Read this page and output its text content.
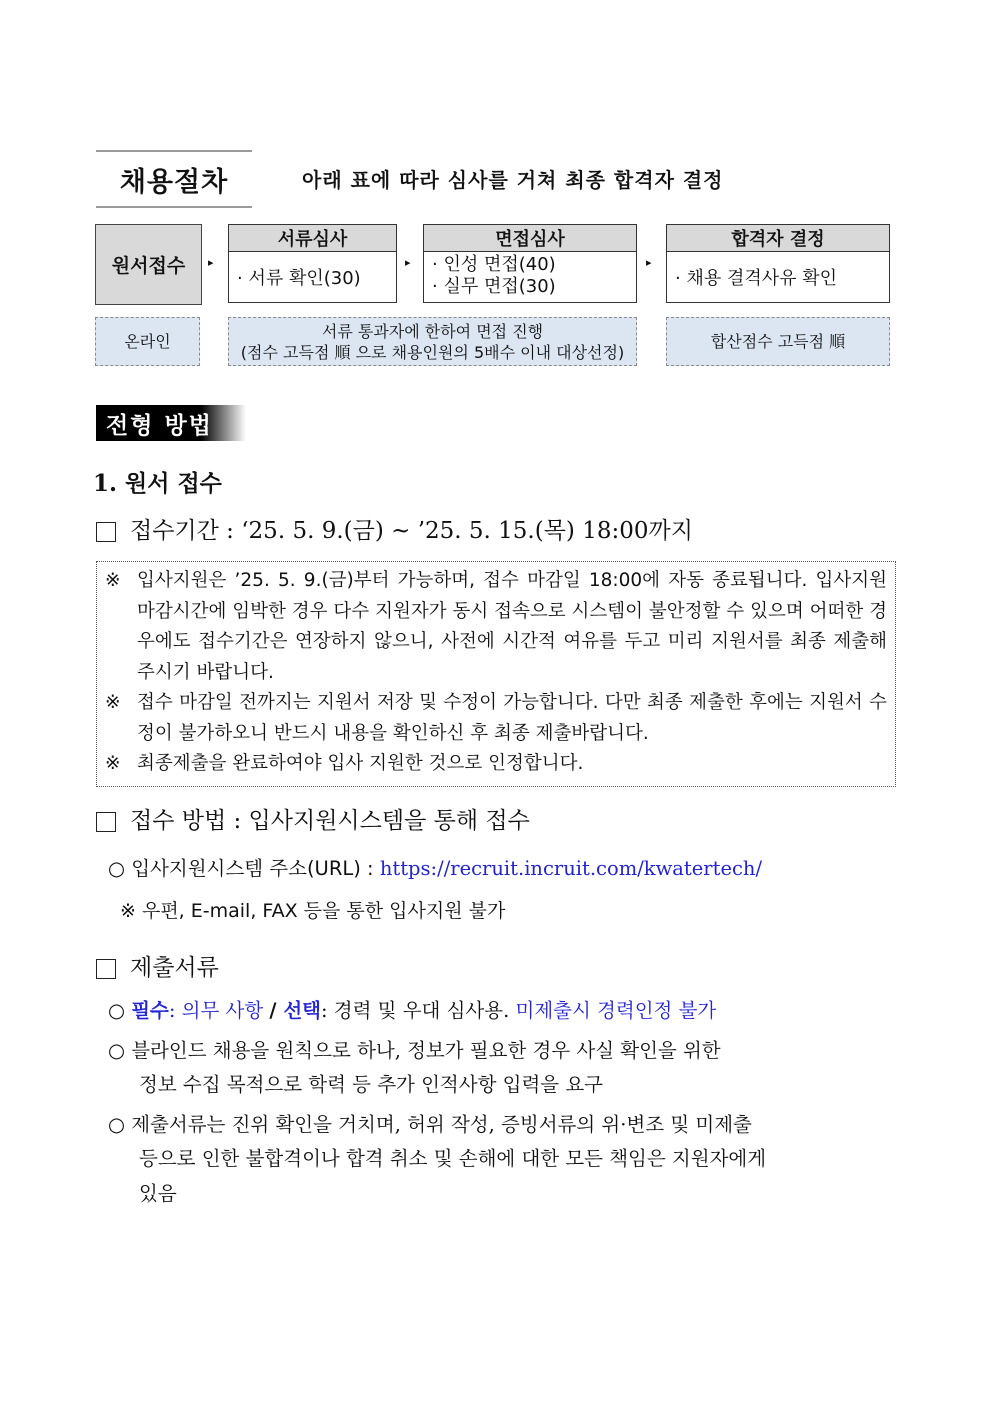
채용절차	아래 표에 따라 심사를 거쳐 최종 합격자 결정
원서접수 ▸
서류심사
· 서류 확인(30)
▸
면접심사
· 인성 면접(40)
· 실무 면접(30)
▸
합격자 결정
· 채용 결격사유 확인
온라인
서류 통과자에 한하여 면접 진행
(점수 고득점 順 으로 채용인원의 5배수 이내 대상선정)
합산점수 고득점 順
전형 방법
1. 원서 접수
접수기간 : ‘25. 5. 9.(금) ~ ’25. 5. 15.(목) 18:00까지
※ 입사지원은 ’25. 5. 9.(금)부터 가능하며, 접수 마감일 18:00에 자동 종료됩니다. 입사지원 마감시간에 임박한 경우 다수 지원자가 동시 접속으로 시스템이 불안정할 수 있으며 어떠한 경우에도 접수기간은 연장하지 않으니, 사전에 시간적 여유를 두고 미리 지원서를 최종 제출해 주시기 바랍니다.
※ 접수 마감일 전까지는 지원서 저장 및 수정이 가능합니다. 다만 최종 제출한 후에는 지원서 수정이 불가하오니 반드시 내용을 확인하신 후 최종 제출바랍니다.
※ 최종제출을 완료하여야 입사 지원한 것으로 인정합니다.
접수 방법 : 입사지원시스템을 통해 접수
○ 입사지원시스템 주소(URL) : https://recruit.incruit.com/kwatertech/
※ 우편, E-mail, FAX 등을 통한 입사지원 불가
제출서류
○ 필수: 의무 사항 / 선택: 경력 및 우대 심사용. 미제출시 경력인정 불가
○ 블라인드 채용을 원칙으로 하나, 정보가 필요한 경우 사실 확인을 위한
정보 수집 목적으로 학력 등 추가 인적사항 입력을 요구
○ 제출서류는 진위 확인을 거치며, 허위 작성, 증빙서류의 위·변조 및 미제출
등으로 인한 불합격이나 합격 취소 및 손해에 대한 모든 책임은 지원자에게
있음
